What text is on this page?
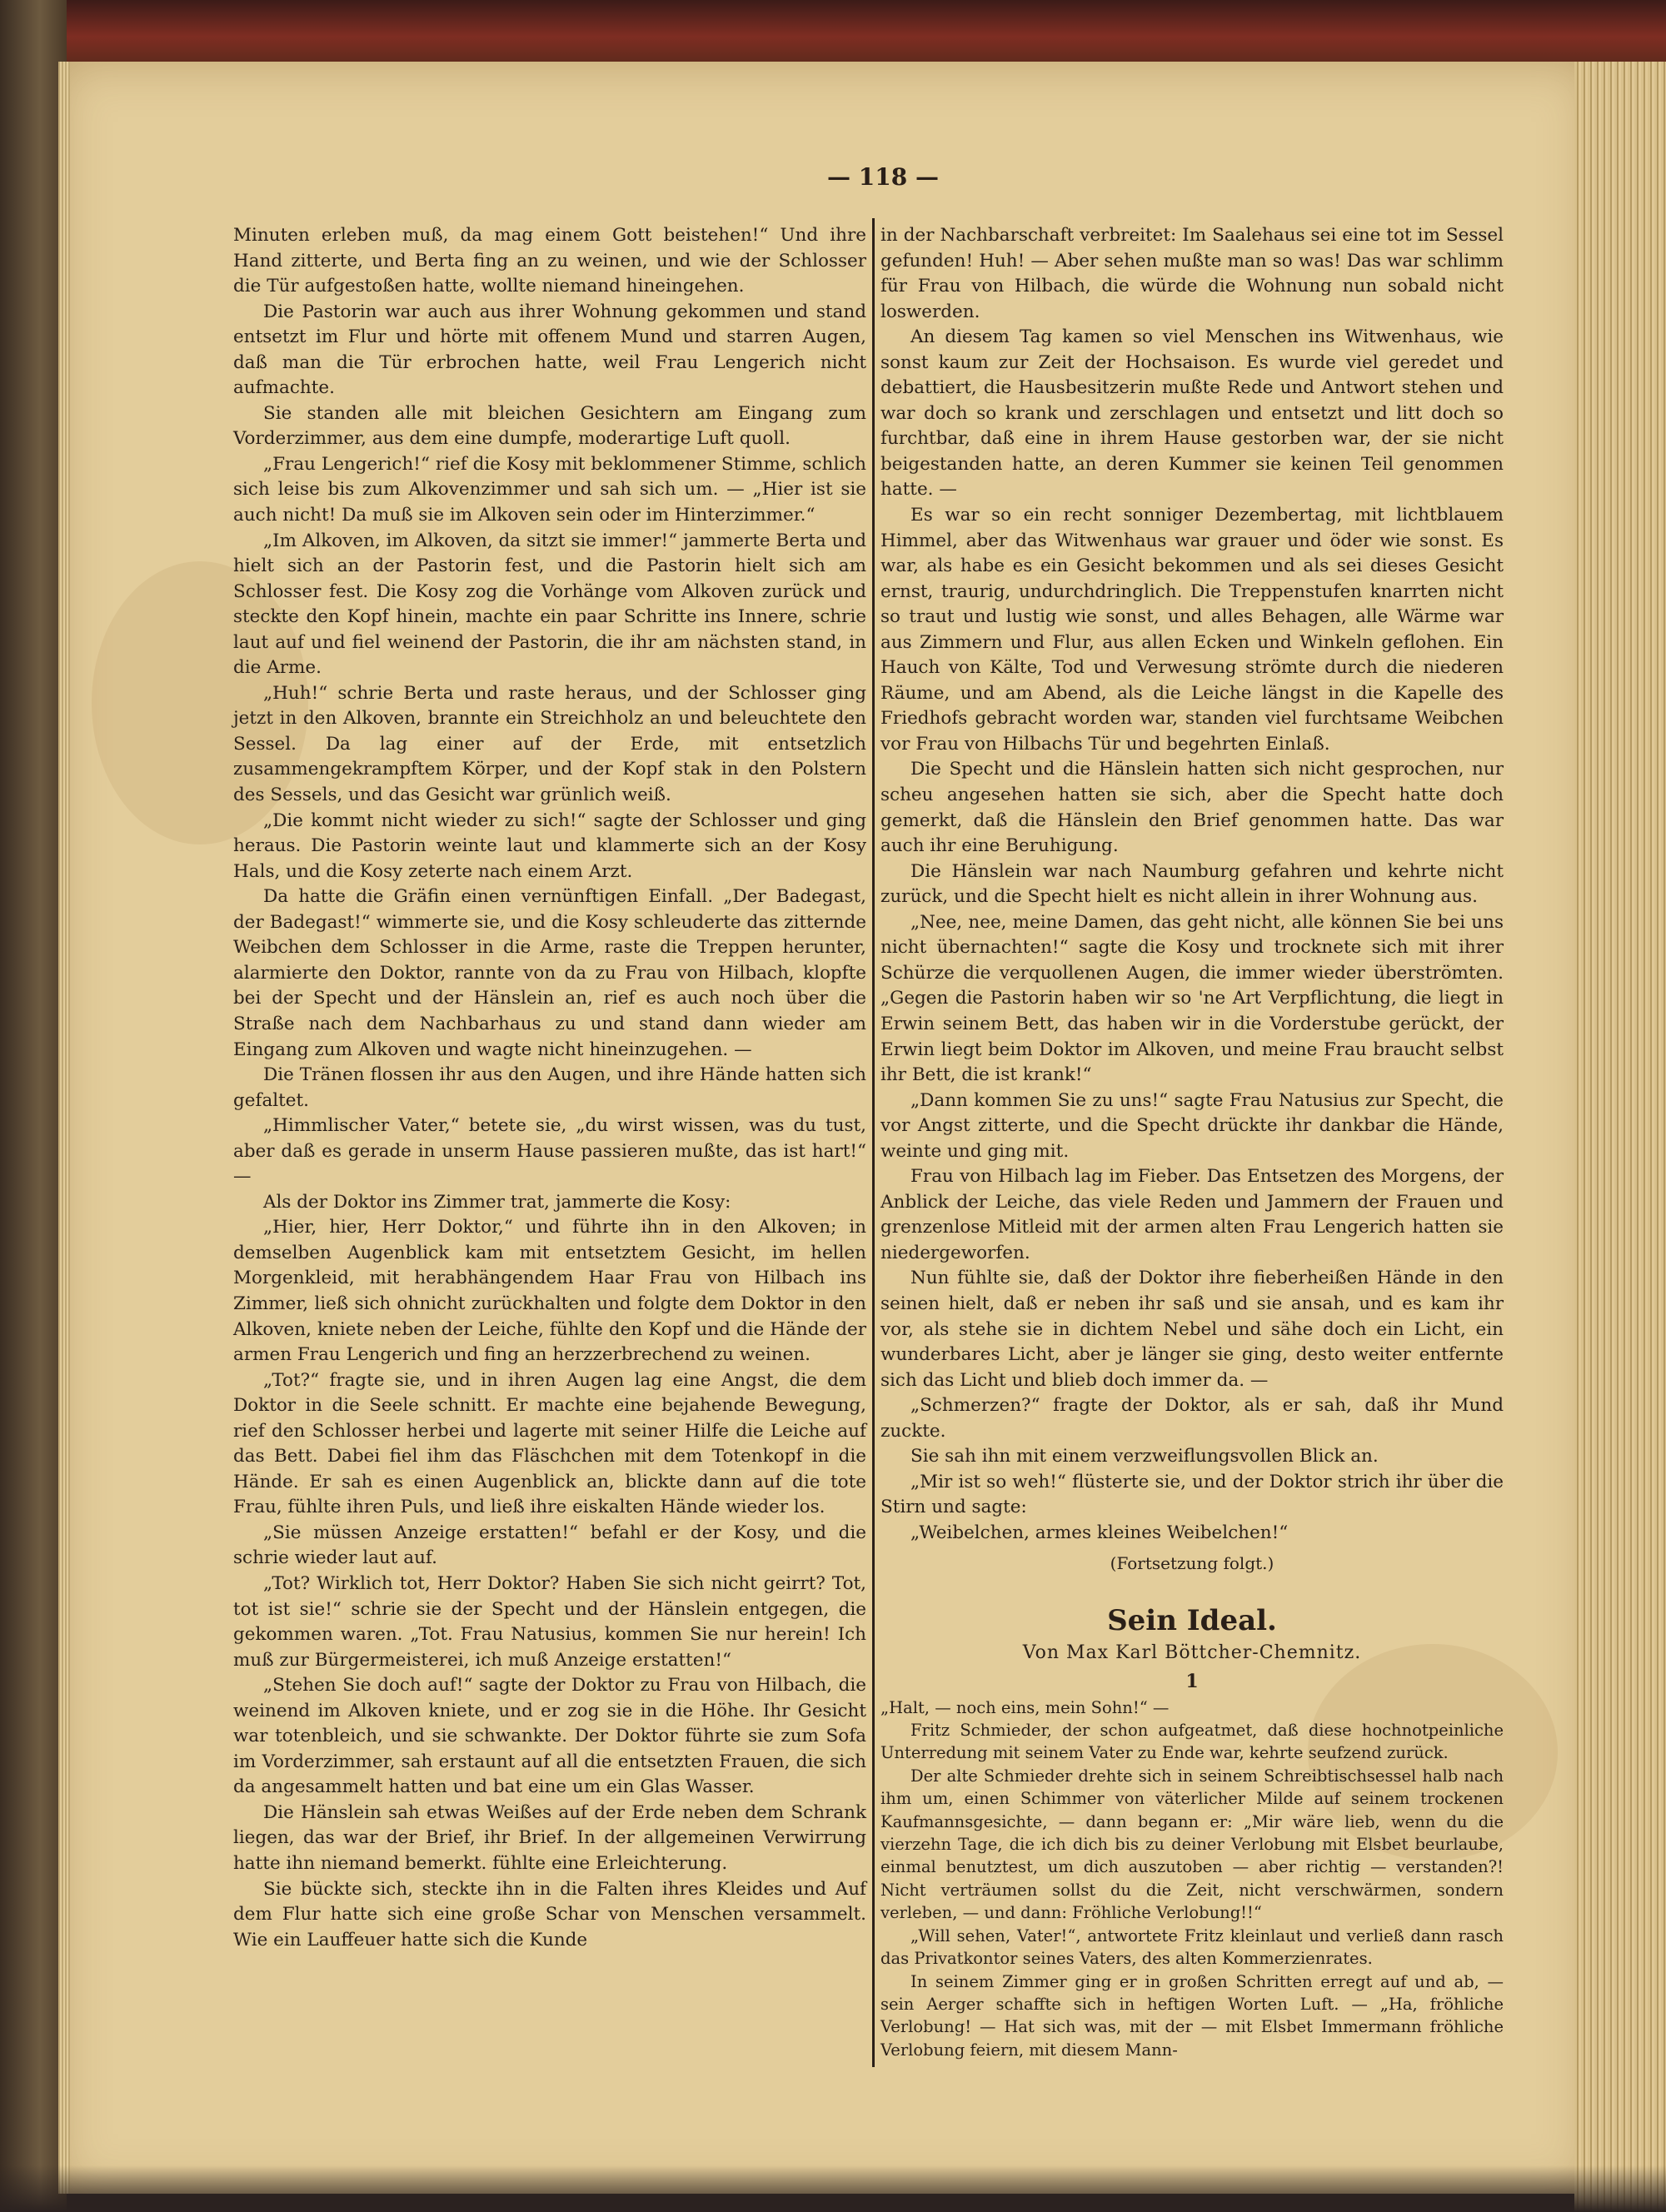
— 118 —

Minuten erleben muß, da mag einem Gott beistehen!“ Und ihre Hand zitterte, und Berta fing an zu weinen, und wie der Schlosser die Tür aufgestoßen hatte, wollte niemand hineingehen.

Die Pastorin war auch aus ihrer Wohnung gekommen und stand entsetzt im Flur und hörte mit offenem Mund und starren Augen, daß man die Tür erbrochen hatte, weil Frau Lengerich nicht aufmachte.

Sie standen alle mit bleichen Gesichtern am Eingang zum Vorderzimmer, aus dem eine dumpfe, moderartige Luft quoll.

„Frau Lengerich!“ rief die Kosy mit beklommener Stimme, schlich sich leise bis zum Alkovenzimmer und sah sich um. — „Hier ist sie auch nicht! Da muß sie im Alkoven sein oder im Hinterzimmer.“

„Im Alkoven, im Alkoven, da sitzt sie immer!“ jammerte Berta und hielt sich an der Pastorin fest, und die Pastorin hielt sich am Schlosser fest. Die Kosy zog die Vorhänge vom Alkoven zurück und steckte den Kopf hinein, machte ein paar Schritte ins Innere, schrie laut auf und fiel weinend der Pastorin, die ihr am nächsten stand, in die Arme.

„Huh!“ schrie Berta und raste heraus, und der Schlosser ging jetzt in den Alkoven, brannte ein Streichholz an und beleuchtete den Sessel. Da lag einer auf der Erde, mit entsetzlich zusammengekrampftem Körper, und der Kopf stak in den Polstern des Sessels, und das Gesicht war grünlich weiß.

„Die kommt nicht wieder zu sich!“ sagte der Schlosser und ging heraus. Die Pastorin weinte laut und klammerte sich an der Kosy Hals, und die Kosy zeterte nach einem Arzt.

Da hatte die Gräfin einen vernünftigen Einfall. „Der Badegast, der Badegast!“ wimmerte sie, und die Kosy schleuderte das zitternde Weibchen dem Schlosser in die Arme, raste die Treppen herunter, alarmierte den Doktor, rannte von da zu Frau von Hilbach, klopfte bei der Specht und der Hänslein an, rief es auch noch über die Straße nach dem Nachbarhaus zu und stand dann wieder am Eingang zum Alkoven und wagte nicht hineinzugehen. —

Die Tränen flossen ihr aus den Augen, und ihre Hände hatten sich gefaltet.

„Himmlischer Vater,“ betete sie, „du wirst wissen, was du tust, aber daß es gerade in unserm Hause passieren mußte, das ist hart!“ —

Als der Doktor ins Zimmer trat, jammerte die Kosy:

„Hier, hier, Herr Doktor,“ und führte ihn in den Alkoven; in demselben Augenblick kam mit entsetztem Gesicht, im hellen Morgenkleid, mit herabhängendem Haar Frau von Hilbach ins Zimmer, ließ sich ohnicht zurückhalten und folgte dem Doktor in den Alkoven, kniete neben der Leiche, fühlte den Kopf und die Hände der armen Frau Lengerich und fing an herzzerbrechend zu weinen.

„Tot?“ fragte sie, und in ihren Augen lag eine Angst, die dem Doktor in die Seele schnitt. Er machte eine bejahende Bewegung, rief den Schlosser herbei und lagerte mit seiner Hilfe die Leiche auf das Bett. Dabei fiel ihm das Fläschchen mit dem Totenkopf in die Hände. Er sah es einen Augenblick an, blickte dann auf die tote Frau, fühlte ihren Puls, und ließ ihre eiskalten Hände wieder los.

„Sie müssen Anzeige erstatten!“ befahl er der Kosy, und die schrie wieder laut auf.

„Tot? Wirklich tot, Herr Doktor? Haben Sie sich nicht geirrt? Tot, tot ist sie!“ schrie sie der Specht und der Hänslein entgegen, die gekommen waren. „Tot. Frau Natusius, kommen Sie nur herein! Ich muß zur Bürgermeisterei, ich muß Anzeige erstatten!“

„Stehen Sie doch auf!“ sagte der Doktor zu Frau von Hilbach, die weinend im Alkoven kniete, und er zog sie in die Höhe. Ihr Gesicht war totenbleich, und sie schwankte. Der Doktor führte sie zum Sofa im Vorderzimmer, sah erstaunt auf all die entsetzten Frauen, die sich da angesammelt hatten und bat eine um ein Glas Wasser.

Die Hänslein sah etwas Weißes auf der Erde neben dem Schrank liegen, das war der Brief, ihr Brief. In der allgemeinen Verwirrung hatte ihn niemand bemerkt. fühlte eine Erleichterung.

Sie bückte sich, steckte ihn in die Falten ihres Kleides und Auf dem Flur hatte sich eine große Schar von Menschen versammelt. Wie ein Lauffeuer hatte sich die Kunde

in der Nachbarschaft verbreitet: Im Saalehaus sei eine tot im Sessel gefunden! Huh! — Aber sehen mußte man so was! Das war schlimm für Frau von Hilbach, die würde die Wohnung nun sobald nicht loswerden.

An diesem Tag kamen so viel Menschen ins Witwenhaus, wie sonst kaum zur Zeit der Hochsaison. Es wurde viel geredet und debattiert, die Hausbesitzerin mußte Rede und Antwort stehen und war doch so krank und zerschlagen und entsetzt und litt doch so furchtbar, daß eine in ihrem Hause gestorben war, der sie nicht beigestanden hatte, an deren Kummer sie keinen Teil genommen hatte. —

Es war so ein recht sonniger Dezembertag, mit lichtblauem Himmel, aber das Witwenhaus war grauer und öder wie sonst. Es war, als habe es ein Gesicht bekommen und als sei dieses Gesicht ernst, traurig, undurchdringlich. Die Treppenstufen knarrten nicht so traut und lustig wie sonst, und alles Behagen, alle Wärme war aus Zimmern und Flur, aus allen Ecken und Winkeln geflohen. Ein Hauch von Kälte, Tod und Verwesung strömte durch die niederen Räume, und am Abend, als die Leiche längst in die Kapelle des Friedhofs gebracht worden war, standen viel furchtsame Weibchen vor Frau von Hilbachs Tür und begehrten Einlaß.

Die Specht und die Hänslein hatten sich nicht gesprochen, nur scheu angesehen hatten sie sich, aber die Specht hatte doch gemerkt, daß die Hänslein den Brief genommen hatte. Das war auch ihr eine Beruhigung.

Die Hänslein war nach Naumburg gefahren und kehrte nicht zurück, und die Specht hielt es nicht allein in ihrer Wohnung aus.

„Nee, nee, meine Damen, das geht nicht, alle können Sie bei uns nicht übernachten!“ sagte die Kosy und trocknete sich mit ihrer Schürze die verquollenen Augen, die immer wieder überströmten. „Gegen die Pastorin haben wir so 'ne Art Verpflichtung, die liegt in Erwin seinem Bett, das haben wir in die Vorderstube gerückt, der Erwin liegt beim Doktor im Alkoven, und meine Frau braucht selbst ihr Bett, die ist krank!“

„Dann kommen Sie zu uns!“ sagte Frau Natusius zur Specht, die vor Angst zitterte, und die Specht drückte ihr dankbar die Hände, weinte und ging mit.

Frau von Hilbach lag im Fieber. Das Entsetzen des Morgens, der Anblick der Leiche, das viele Reden und Jammern der Frauen und grenzenlose Mitleid mit der armen alten Frau Lengerich hatten sie niedergeworfen.

Nun fühlte sie, daß der Doktor ihre fieberheißen Hände in den seinen hielt, daß er neben ihr saß und sie ansah, und es kam ihr vor, als stehe sie in dichtem Nebel und sähe doch ein Licht, ein wunderbares Licht, aber je länger sie ging, desto weiter entfernte sich das Licht und blieb doch immer da. —

„Schmerzen?“ fragte der Doktor, als er sah, daß ihr Mund zuckte.

Sie sah ihn mit einem verzweiflungsvollen Blick an.

„Mir ist so weh!“ flüsterte sie, und der Doktor strich ihr über die Stirn und sagte:

„Weibelchen, armes kleines Weibelchen!“

(Fortsetzung folgt.)
Sein Ideal.
Von Max Karl Böttcher-Chemnitz.
1

„Halt, — noch eins, mein Sohn!“ —

Fritz Schmieder, der schon aufgeatmet, daß diese hochnotpeinliche Unterredung mit seinem Vater zu Ende war, kehrte seufzend zurück.

Der alte Schmieder drehte sich in seinem Schreibtischsessel halb nach ihm um, einen Schimmer von väterlicher Milde auf seinem trockenen Kaufmannsgesichte, — dann begann er: „Mir wäre lieb, wenn du die vierzehn Tage, die ich dich bis zu deiner Verlobung mit Elsbet beurlaube, einmal benutztest, um dich auszutoben — aber richtig — verstanden?! Nicht verträumen sollst du die Zeit, nicht verschwärmen, sondern verleben, — und dann: Fröhliche Verlobung!!“

„Will sehen, Vater!“, antwortete Fritz kleinlaut und verließ dann rasch das Privatkontor seines Vaters, des alten Kommerzienrates.

In seinem Zimmer ging er in großen Schritten erregt auf und ab, — sein Aerger schaffte sich in heftigen Worten Luft. — „Ha, fröhliche Verlobung! — Hat sich was, mit der — mit Elsbet Immermann fröhliche Verlobung feiern, mit diesem Mann-
